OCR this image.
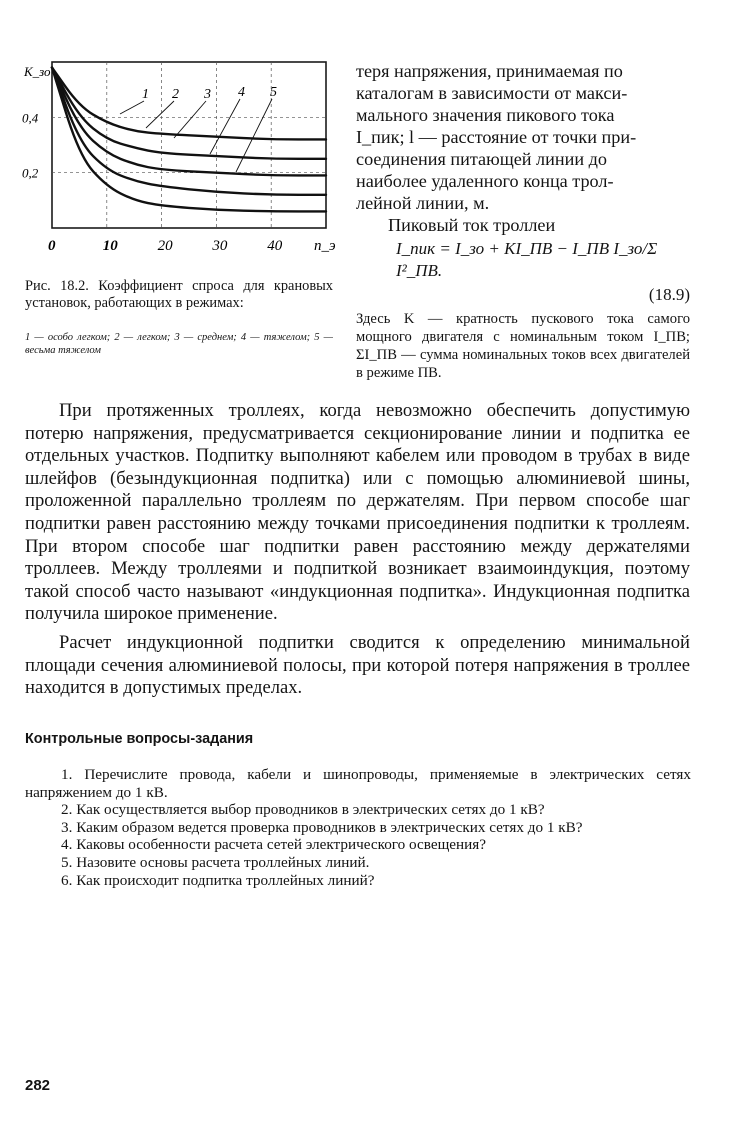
1 2 3 4 5
0	10	20	30	40 n_э
0,4
0,2
К_зо
Рис. 18.2. Коэффициент спроса для крановых установок, работающих в режимах:
1 — особо легком; 2 — легком; 3 — среднем; 4 — тяжелом; 5 — весьма тяжелом
теря напряжения, принимаемая по
каталогам в зависимости от макси-
мального значения пикового тока
I_пик; l — расстояние от точки при-
соединения питающей линии до
наиболее удаленного конца трол-
лейной линии, м.
Пиковый ток троллеи
I_пик = I_зо + KI_ПВ − I_ПВ I_зо/Σ I²_ПВ.
(18.9)
Здесь K — кратность пускового тока самого мощного двигателя с номинальным током I_ПВ; ΣI_ПВ — сумма номинальных токов всех двигателей в режиме ПВ.

При протяженных троллеях, когда невозможно обеспечить допустимую потерю напряжения, предусматривается секционирование линии и подпитка ее отдельных участков. Подпитку выполняют кабелем или проводом в трубах в виде шлейфов (безындукционная подпитка) или с помощью алюминиевой шины, проложенной параллельно троллеям по держателям. При первом способе шаг подпитки равен расстоянию между точками присоединения подпитки к троллеям. При втором способе шаг подпитки равен расстоянию между держателями троллеев. Между троллеями и подпиткой возникает взаимоиндукция, поэтому такой способ часто называют «индукционная подпитка». Индукционная подпитка получила широкое применение.

Расчет индукционной подпитки сводится к определению минимальной площади сечения алюминиевой полосы, при которой потеря напряжения в троллее находится в допустимых пределах.

Контрольные вопросы-задания

1. Перечислите провода, кабели и шинопроводы, применяемые в электрических сетях напряжением до 1 кВ.

2. Как осуществляется выбор проводников в электрических сетях до 1 кВ?

3. Каким образом ведется проверка проводников в электрических сетях до 1 кВ?

4. Каковы особенности расчета сетей электрического освещения?

5. Назовите основы расчета троллейных линий.

6. Как происходит подпитка троллейных линий?

282
